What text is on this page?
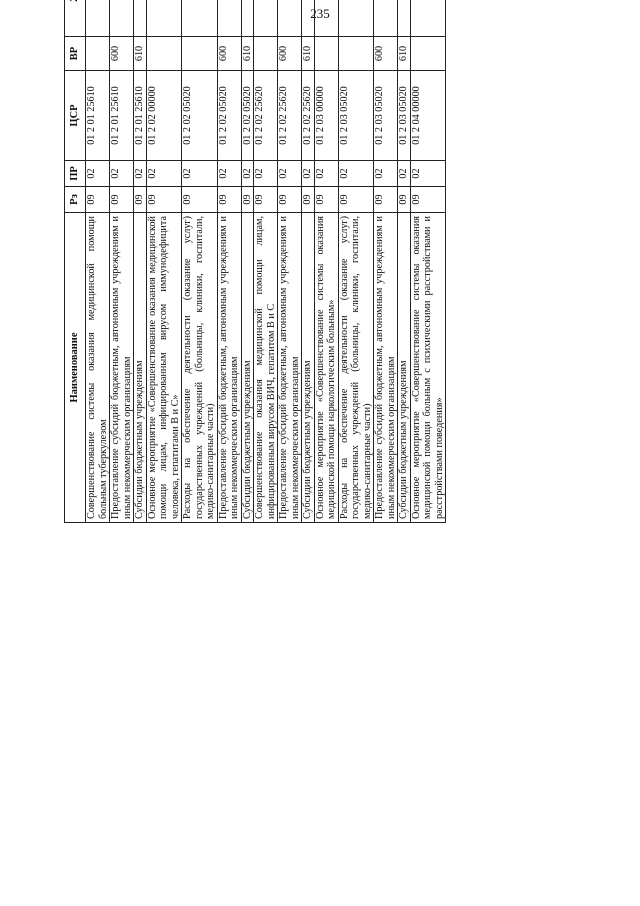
235
Наименование	Рз	ПР	ЦСР	ВР			
Совершенствование системы оказания медицинской помощи больным туберкулезом	09	02	01 2 01 25610				
Предоставление субсидий бюджетным, автономным учреждениям и иным некоммерческим организациям	09	02	01 2 01 25610	600			
Субсидии бюджетным учреждениям	09	02	01 2 01 25610	610			
Основное мероприятие «Совершенствование оказания медицинской помощи лицам, инфицированным вирусом иммунодефицита человека, гепатитами В и С»	09	02	01 2 02 00000				
Расходы на обеспечение деятельности (оказание услуг) государственных учреждений (больницы, клиники, госпитали, медико-санитарные части)	09	02	01 2 02 05020				
Предоставление субсидий бюджетным, автономным учреждениям и иным некоммерческим организациям	09	02	01 2 02 05020	600			
Субсидии бюджетным учреждениям	09	02	01 2 02 05020	610			
Совершенствование оказания медицинской помощи лицам, инфицированным вирусом ВИЧ, гепатитом В и С	09	02	01 2 02 25620				
Предоставление субсидий бюджетным, автономным учреждениям и иным некоммерческим организациям	09	02	01 2 02 25620	600			
Субсидии бюджетным учреждениям	09	02	01 2 02 25620	610			
Основное мероприятие «Совершенствование системы оказания медицинской помощи наркологическим больным»	09	02	01 2 03 00000				
Расходы на обеспечение деятельности (оказание услуг) государственных учреждений (больницы, клиники, госпитали, медико-санитарные части)	09	02	01 2 03 05020				
Предоставление субсидий бюджетным, автономным учреждениям и иным некоммерческим организациям	09	02	01 2 03 05020	600			
Субсидии бюджетным учреждениям	09	02	01 2 03 05020	610			
Основное мероприятие «Совершенствование системы оказания медицинской помощи больным с психическими расстройствами и расстройствами поведения»	09	02	01 2 04 00000				
